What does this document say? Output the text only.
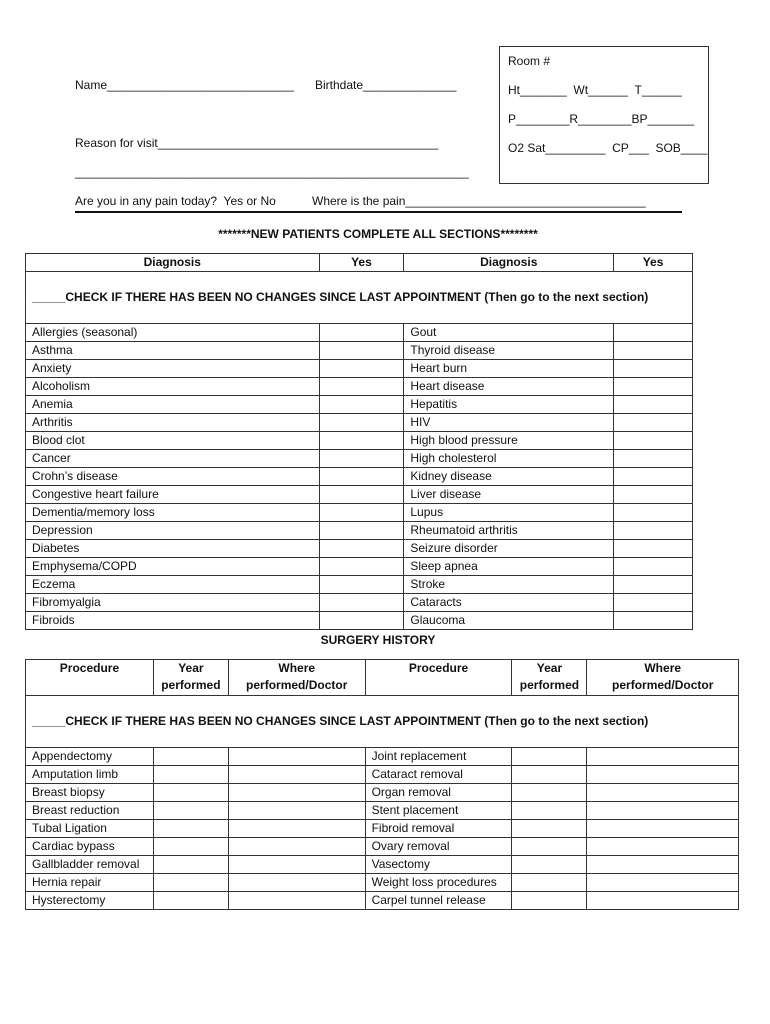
Name____________________________ Birthdate______________
Reason for visit__________________________________________
___________________________________________________________
Are you in any pain today?  Yes or No	Where is the pain____________________________________
Room #
Ht_______  Wt______  T______
P________R________BP_______
O2 Sat_________  CP___  SOB____
*******NEW PATIENTS COMPLETE ALL SECTIONS********
Diagnosis	Yes	Diagnosis	Yes
_____CHECK IF THERE HAS BEEN NO CHANGES SINCE LAST APPOINTMENT (Then go to the next section)			
Allergies (seasonal)		Gout	
Asthma		Thyroid disease	
Anxiety		Heart burn	
Alcoholism		Heart disease	
Anemia		Hepatitis	
Arthritis		HIV	
Blood clot		High blood pressure	
Cancer		High cholesterol	
Crohn’s disease		Kidney disease	
Congestive heart failure		Liver disease	
Dementia/memory loss		Lupus	
Depression		Rheumatoid arthritis	
Diabetes		Seizure disorder	
Emphysema/COPD		Sleep apnea	
Eczema		Stroke	
Fibromyalgia		Cataracts	
Fibroids		Glaucoma	
SURGERY HISTORY
Procedure	Year performed	Where performed/Doctor	Procedure	Year performed	Where performed/Doctor
_____CHECK IF THERE HAS BEEN NO CHANGES SINCE LAST APPOINTMENT (Then go to the next section)					
Appendectomy			Joint replacement		
Amputation limb			Cataract removal		
Breast biopsy			Organ removal		
Breast reduction			Stent placement		
Tubal Ligation			Fibroid removal		
Cardiac bypass			Ovary removal		
Gallbladder removal			Vasectomy		
Hernia repair			Weight loss procedures		
Hysterectomy			Carpel tunnel release		
